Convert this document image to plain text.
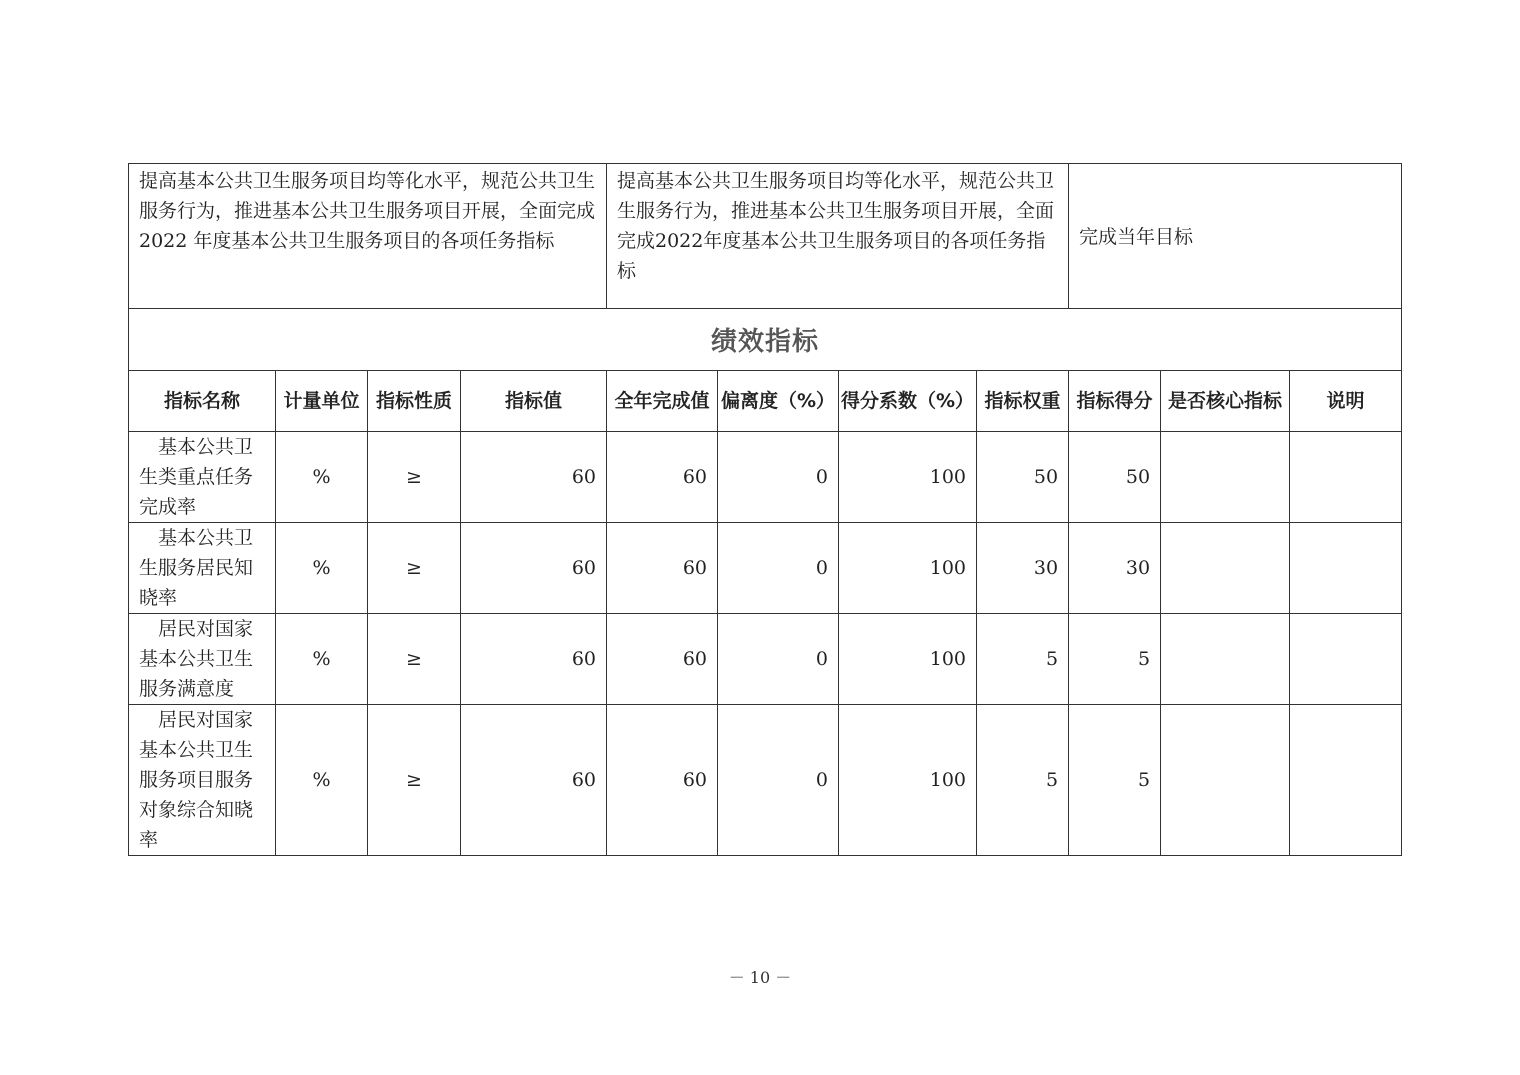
提高基本公共卫生服务项目均等化水平，规范公共卫生服务行为，推进基本公共卫生服务项目开展，全面完成 2022 年度基本公共卫生服务项目的各项任务指标				提高基本公共卫生服务项目均等化水平，规范公共卫生服务行为，推进基本公共卫生服务项目开展，全面完成2022年度基本公共卫生服务项目的各项任务指标				完成当年目标		
绩效指标										
指标名称	计量单位	指标性质	指标值	全年完成值	偏离度（%）	得分系数（%）	指标权重	指标得分	是否核心指标	说明
基本公共卫生类重点任务完成率	%	≥	60	60	0	100	50	50		
基本公共卫生服务居民知晓率	%	≥	60	60	0	100	30	30		
居民对国家基本公共卫生服务满意度	%	≥	60	60	0	100	5	5		
居民对国家基本公共卫生服务项目服务对象综合知晓率	%	≥	60	60	0	100	5	5		
－ 10 －
